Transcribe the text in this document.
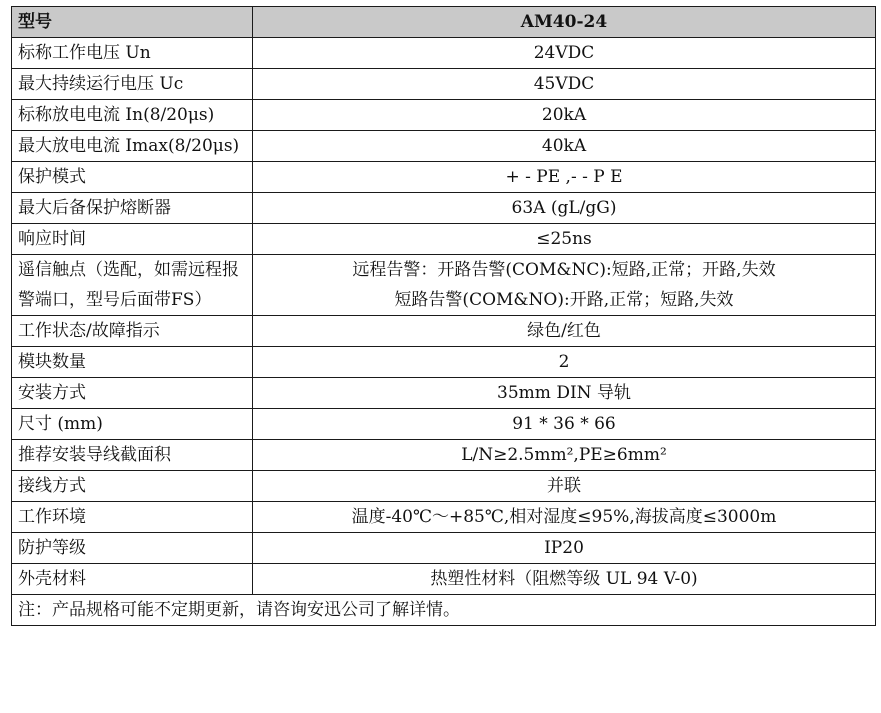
型号	AM40-24
标称工作电压 Un	24VDC
最大持续运行电压 Uc	45VDC
标称放电电流 In(8/20μs)	20kA
最大放电电流 Imax(8/20μs)	40kA
保护模式	+ - PE ,- - P E
最大后备保护熔断器	63A (gL/gG)
响应时间	≤25ns
遥信触点（选配，如需远程报警端口，型号后面带FS）	远程告警：开路告警(COM&NC):短路,正常；开路,失效
短路告警(COM&NO):开路,正常；短路,失效

工作状态/故障指示	绿色/红色
模块数量	2
安装方式	35mm DIN 导轨
尺寸 (mm)	91 * 36 * 66
推荐安装导线截面积	L/N≥2.5mm²,PE≥6mm²
接线方式	并联
工作环境	温度-40℃～+85℃,相对湿度≤95%,海拔高度≤3000m
防护等级	IP20
外壳材料	热塑性材料（阻燃等级 UL 94 V-0)
注：产品规格可能不定期更新，请咨询安迅公司了解详情。	
